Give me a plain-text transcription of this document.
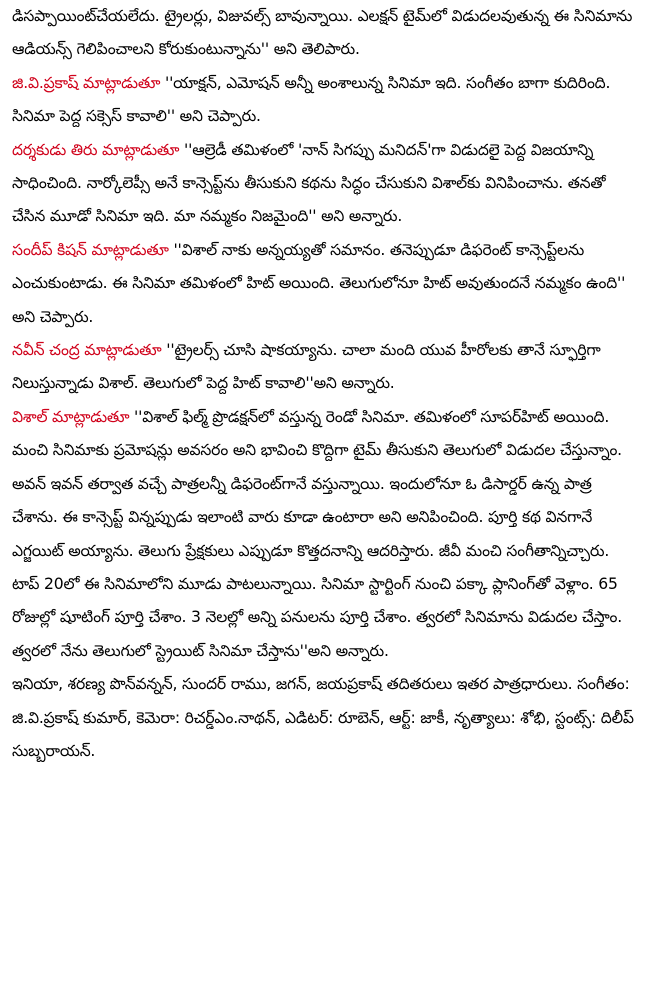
డిసప్పాయింట్‌చేయలేదు. ట్రైలర్లు, విజువల్స్ బావున్నాయి. ఎలక్షన్ టైమ్‌లో విడుదలవుతున్న ఈ సినిమాను ఆడియన్స్ గెలిపించాలని కోరుకుంటున్నాను'' అని తెలిపారు.

జి.వి.ప్రకాష్ మాట్లాడుతూ ''యాక్షన్, ఎమోషన్ అన్నీ అంశాలున్న సినిమా ఇది. సంగీతం బాగా కుదిరింది. సినిమా పెద్ద సక్సెస్ కావాలి'' అని చెప్పారు.

దర్శకుడు తిరు మాట్లాడుతూ ''ఆల్రెడీ తమిళంలో 'నాన్ సిగప్పు మనిదన్'గా విడుదలై పెద్ద విజయాన్ని సాధించింది. నార్కోలెప్సీ అనే కాన్సెప్ట్‌ను తీసుకుని కథను సిద్ధం చేసుకుని విశాల్‌కు వినిపించాను. తనతో చేసిన మూడో సినిమా ఇది. మా నమ్మకం నిజమైంది'' అని అన్నారు.

సందీప్ కిషన్ మాట్లాడుతూ ''విశాల్ నాకు అన్నయ్యతో సమానం. తనెప్పుడూ డిఫరెంట్ కాన్సెప్ట్‌లను ఎంచుకుంటాడు. ఈ సినిమా తమిళంలో హిట్ అయింది. తెలుగులోనూ హిట్ అవుతుందనే నమ్మకం ఉంది'' అని చెప్పారు.

నవీన్ చంద్ర మాట్లాడుతూ ''ట్రైలర్స్ చూసి షాకయ్యాను. చాలా మంది యువ హీరోలకు తానే స్ఫూర్తిగా నిలుస్తున్నాడు విశాల్. తెలుగులో పెద్ద హిట్ కావాలి''అని అన్నారు.

విశాల్ మాట్లాడుతూ ''విశాల్ ఫిల్మ్ ప్రొడక్షన్‌లో వస్తున్న రెండో సినిమా. తమిళంలో సూపర్‌హిట్ అయింది. మంచి సినిమాకు ప్రమోషన్లు అవసరం అని భావించి కొద్దిగా టైమ్ తీసుకుని తెలుగులో విడుదల చేస్తున్నాం. అవన్ ఇవన్ తర్వాత వచ్చే పాత్రలన్నీ డిఫరెంట్‌గానే వస్తున్నాయి. ఇందులోనూ ఓ డిసార్డర్ ఉన్న పాత్ర చేశాను. ఈ కాన్సెప్ట్ విన్నప్పుడు ఇలాంటి వారు కూడా ఉంటారా అని అనిపించింది. పూర్తి కథ వినగానే ఎగ్జయిట్ అయ్యాను. తెలుగు ప్రేక్షకులు ఎప్పుడూ కొత్తదనాన్ని ఆదరిస్తారు. జీవీ మంచి సంగీతాన్నిచ్చారు. టాప్ 20లో ఈ సినిమాలోని మూడు పాటలున్నాయి. సినిమా స్టార్టింగ్ నుంచి పక్కా ప్లానింగ్‌తో వెళ్లాం. 65 రోజుల్లో షూటింగ్ పూర్తి చేశాం. 3 నెలల్లో అన్ని పనులను పూర్తి చేశాం. త్వరలో సినిమాను విడుదల చేస్తాం. త్వరలో నేను తెలుగులో స్ట్రెయిట్ సినిమా చేస్తాను''అని అన్నారు.

ఇనియా, శరణ్య పొన్‌వన్నన్, సుందర్ రాము, జగన్, జయప్రకాష్ తదితరులు ఇతర పాత్రధారులు. సంగీతం: జి.వి.ప్రకాష్ కుమార్, కెమెరా: రిచర్డ్ఎం.నాథన్, ఎడిటర్: రూబెన్, ఆర్ట్: జాకీ, నృత్యాలు: శోభి, స్టంట్స్: దిలీప్ సుబ్బరాయన్.
